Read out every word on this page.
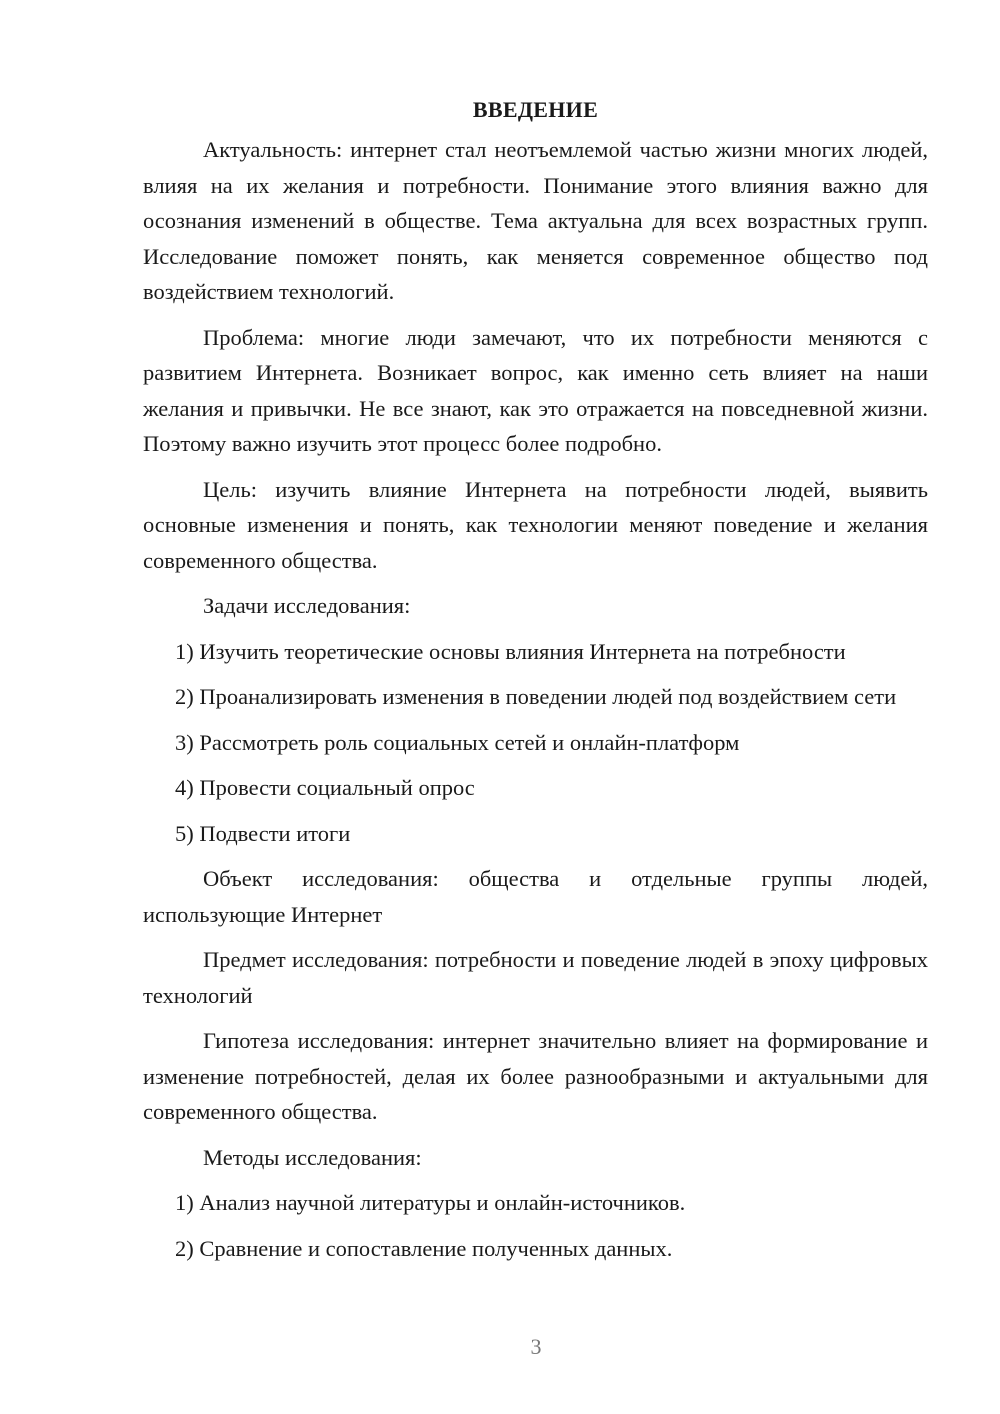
ВВЕДЕНИЕ

Актуальность: интернет стал неотъемлемой частью жизни многих людей, влияя на их желания и потребности. Понимание этого влияния важно для осознания изменений в обществе. Тема актуальна для всех возрастных групп. Исследование поможет понять, как меняется современное общество под воздействием технологий.

Проблема: многие люди замечают, что их потребности меняются с развитием Интернета. Возникает вопрос, как именно сеть влияет на наши желания и привычки. Не все знают, как это отражается на повседневной жизни. Поэтому важно изучить этот процесс более подробно.

Цель: изучить влияние Интернета на потребности людей, выявить основные изменения и понять, как технологии меняют поведение и желания современного общества.

Задачи исследования:

1) Изучить теоретические основы влияния Интернета на потребности

2) Проанализировать изменения в поведении людей под воздействием сети

3) Рассмотреть роль социальных сетей и онлайн-платформ

4) Провести социальный опрос

5) Подвести итоги

Объект исследования: общества и отдельные группы людей, использующие Интернет

Предмет исследования: потребности и поведение людей в эпоху цифровых технологий

Гипотеза исследования: интернет значительно влияет на формирование и изменение потребностей, делая их более разнообразными и актуальными для современного общества.

Методы исследования:

1) Анализ научной литературы и онлайн-источников.

2) Сравнение и сопоставление полученных данных.

3
